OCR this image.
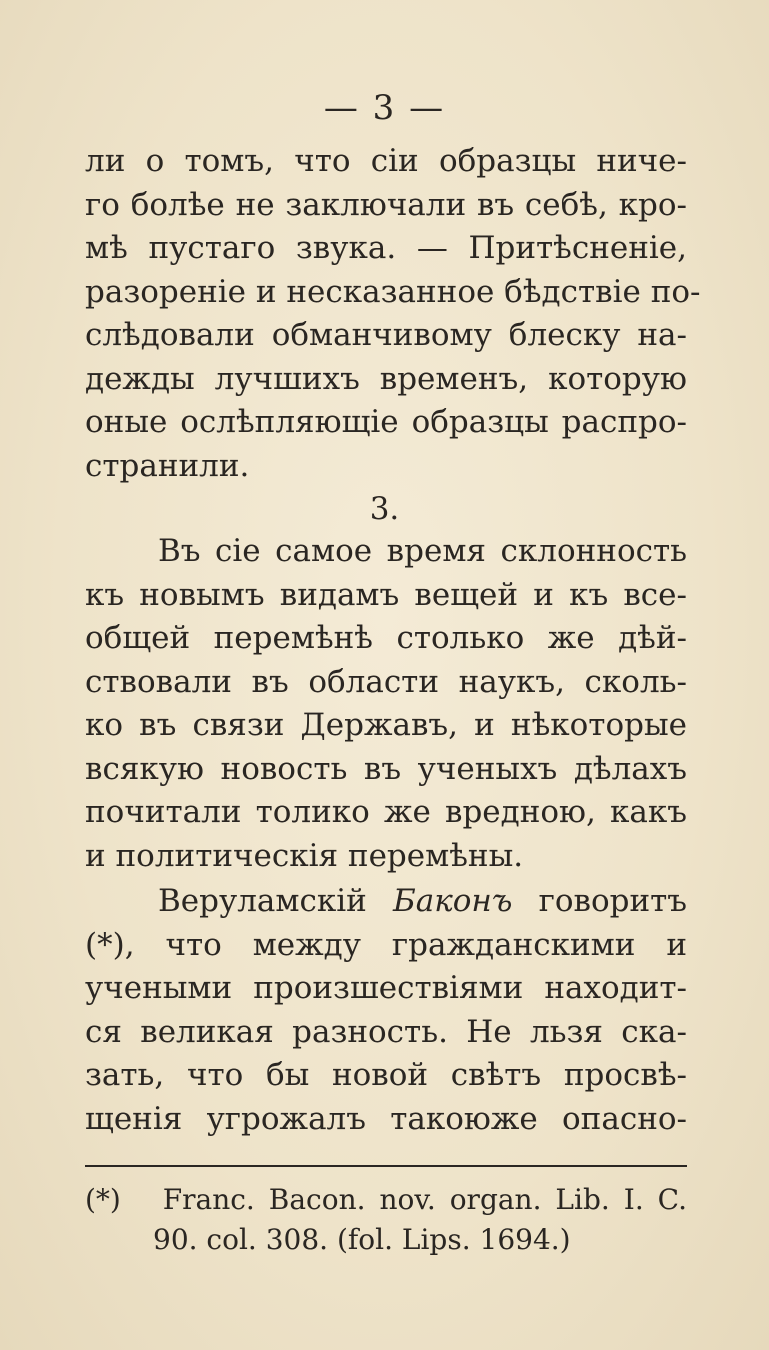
— 3 —
ли о томъ, что сіи образцы ниче-
го болѣе не заключали въ себѣ, кро-
мѣ пустаго звука. — Притѣсненіе,
разореніе и несказанное бѣдствіе по-
слѣдовали обманчивому блеску на-
дежды лучшихъ временъ, которую
оные ослѣпляющіе образцы распро-
странили.
3.
Въ сіе самое время склонность
къ новымъ видамъ вещей и къ все-
общей перемѣнѣ столько же дѣй-
ствовали въ области наукъ, сколь-
ко въ связи Державъ, и нѣкоторые
всякую новость въ ученыхъ дѣлахъ
почитали толико же вредною, какъ
и политическія перемѣны.
Веруламскій Баконъ говоритъ
(*), что между гражданскими и
учеными произшествіями находит-
ся великая разность. Не льзя ска-
зать, что бы новой свѣтъ просвѣ-
щенія угрожалъ такоюже опасно-
(*) Franc. Bacon. nov. organ. Lib. I. C.
90. col. 308. (fol. Lips. 1694.)
